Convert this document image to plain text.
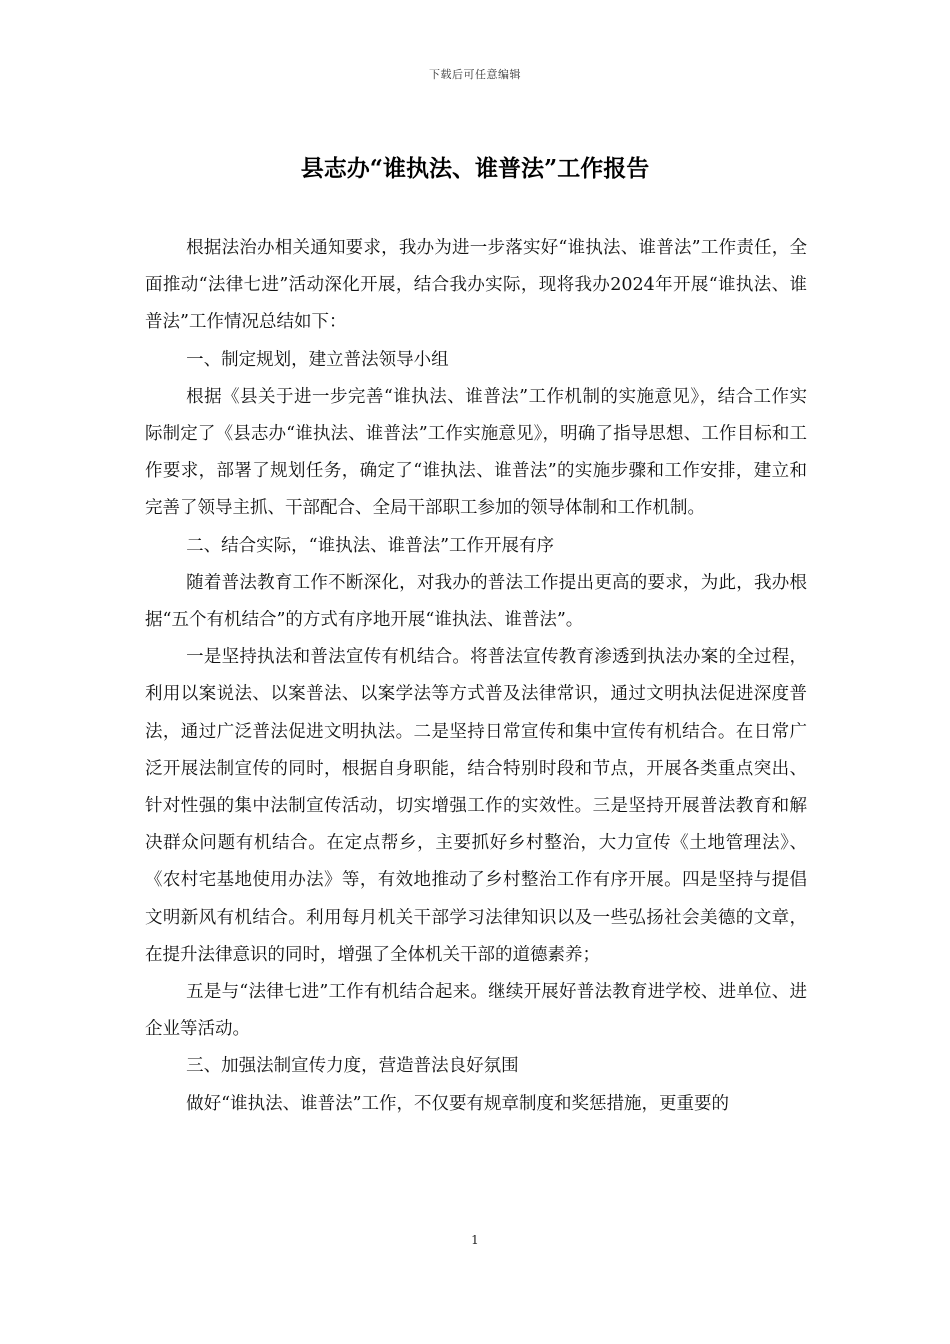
下载后可任意编辑
县志办“谁执法、谁普法”工作报告

根据法治办相关通知要求，我办为进一步落实好“谁执法、谁普法”工作责任，全面推动“法律七进”活动深化开展，结合我办实际，现将我办2024年开展“谁执法、谁普法”工作情况总结如下：

一、制定规划，建立普法领导小组

根据《县关于进一步完善“谁执法、谁普法”工作机制的实施意见》，结合工作实际制定了《县志办“谁执法、谁普法”工作实施意见》，明确了指导思想、工作目标和工作要求，部署了规划任务，确定了“谁执法、谁普法”的实施步骤和工作安排，建立和完善了领导主抓、干部配合、全局干部职工参加的领导体制和工作机制。

二、结合实际，“谁执法、谁普法”工作开展有序

随着普法教育工作不断深化，对我办的普法工作提出更高的要求，为此，我办根据“五个有机结合”的方式有序地开展“谁执法、谁普法”。

一是坚持执法和普法宣传有机结合。将普法宣传教育渗透到执法办案的全过程，利用以案说法、以案普法、以案学法等方式普及法律常识，通过文明执法促进深度普法，通过广泛普法促进文明执法。二是坚持日常宣传和集中宣传有机结合。在日常广泛开展法制宣传的同时，根据自身职能，结合特别时段和节点，开展各类重点突出、针对性强的集中法制宣传活动，切实增强工作的实效性。三是坚持开展普法教育和解决群众问题有机结合。在定点帮乡，主要抓好乡村整治，大力宣传《土地管理法》、《农村宅基地使用办法》等，有效地推动了乡村整治工作有序开展。四是坚持与提倡文明新风有机结合。利用每月机关干部学习法律知识以及一些弘扬社会美德的文章，在提升法律意识的同时，增强了全体机关干部的道德素养；

五是与“法律七进”工作有机结合起来。继续开展好普法教育进学校、进单位、进企业等活动。

三、加强法制宣传力度，营造普法良好氛围

做好“谁执法、谁普法”工作，不仅要有规章制度和奖惩措施，更重要的

1
